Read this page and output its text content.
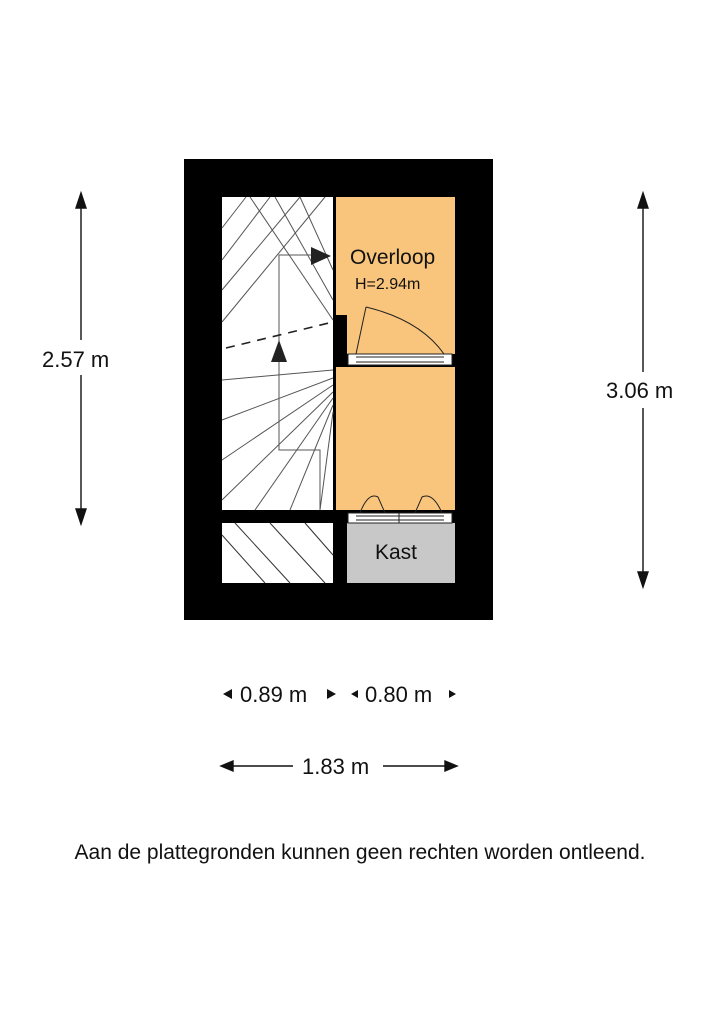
Overloop
H=2.94m
Kast
2.57 m
3.06 m
0.89 m	0.80 m
1.83 m
Aan de plattegronden kunnen geen rechten worden ontleend.
